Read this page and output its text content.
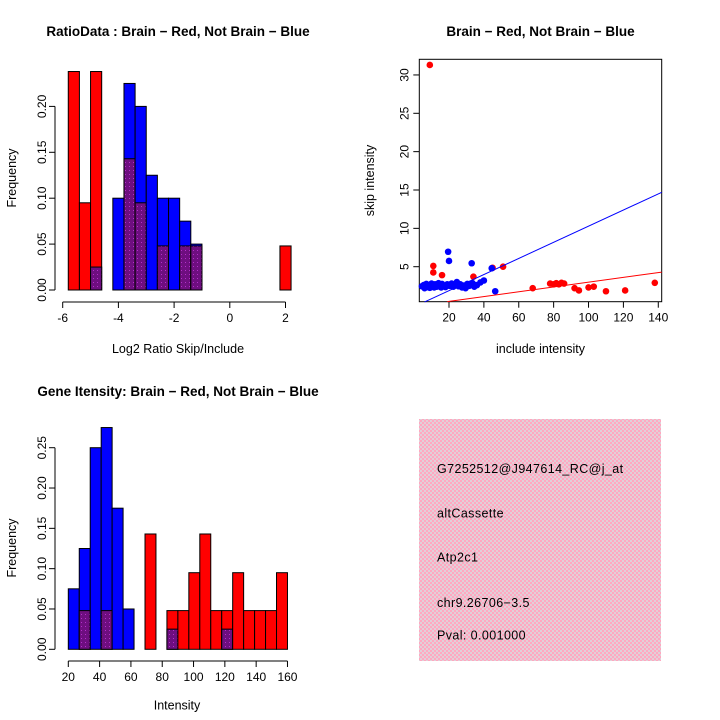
RatioData : Brain − Red, Not Brain − Blue
Log2 Ratio Skip/Include
Frequency
-6	-4	-2	0	2
0.00
0.05
0.10
0.15
0.20
Brain − Red, Not Brain − Blue
include intensity
skip intensity
20 40 60 80 100 120 140
5
10
15
20
25
30
Gene Itensity: Brain − Red, Not Brain − Blue
Intensity
Frequency
20 40 60 80 100 120 140 160
0.00
0.05
0.10
0.15
0.20
0.25
G7252512@J947614_RC@j_at
altCassette
Atp2c1
chr9.26706−3.5
Pval: 0.001000
